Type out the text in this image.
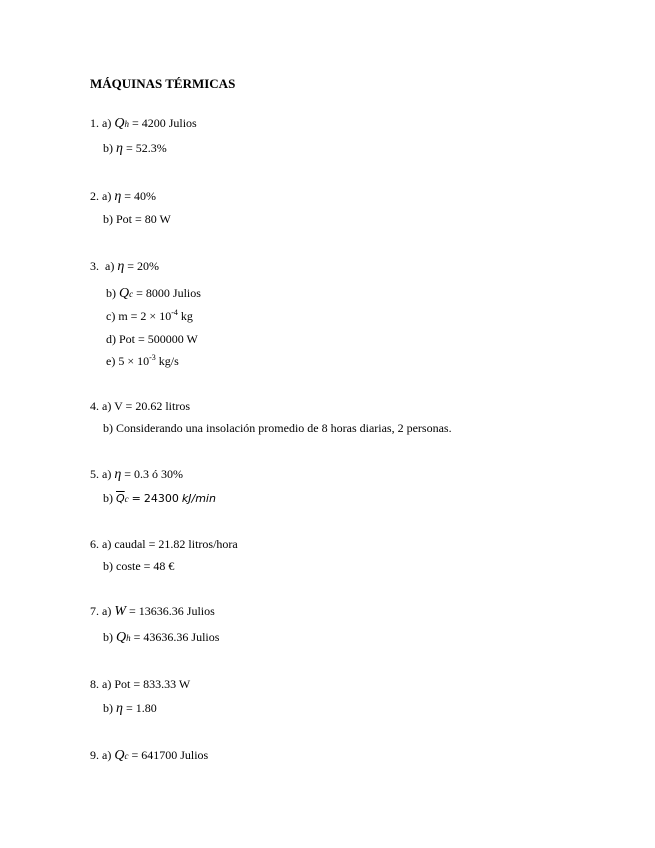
MÁQUINAS TÉRMICAS
1. a) Qh = 4200 Julios
b) η = 52.3%
2. a) η = 40%
b) Pot = 80 W
3.  a) η = 20%
b) Qc = 8000 Julios
c) $m = 2 \times 10^{-4}$ kg
d) Pot = 500000 W
e) $5 \times 10^{-3}$ kg/s
4. a) V = 20.62 litros
b) Considerando una insolación promedio de 8 horas diarias, 2 personas.
5. a) η = 0.3 ó 30%
b) $\overline{Q}c = 24300$ kJ/min
6. a) caudal = 21.82 litros/hora
b) coste = 48 €
7. a) W = 13636.36 Julios
b) Qh = 43636.36 Julios
8. a) Pot = 833.33 W
b) η = 1.80
9. a) Qc = 641700 Julios
